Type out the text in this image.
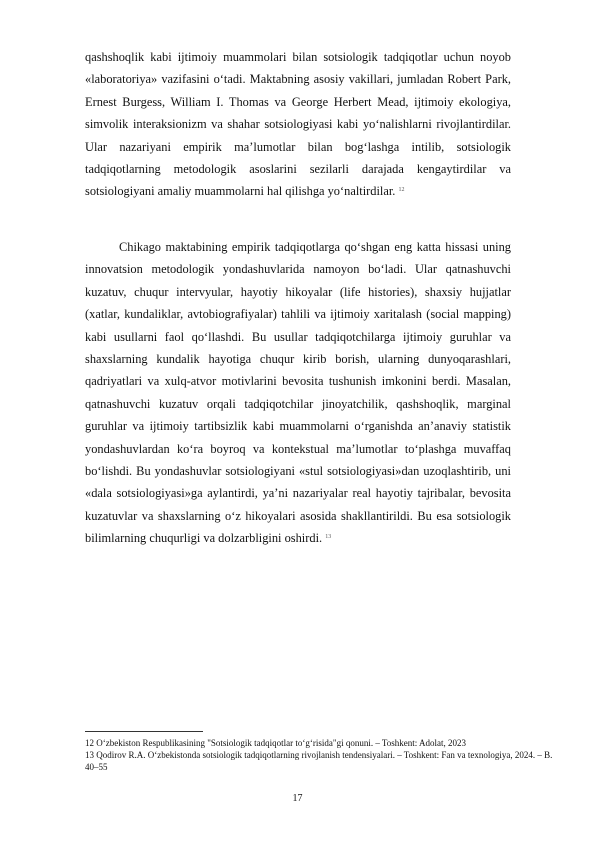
qashshoqlik kabi ijtimoiy muammolari bilan sotsiologik tadqiqotlar uchun noyob «laboratoriya» vazifasini oʻtadi. Maktabning asosiy vakillari, jumladan Robert Park, Ernest Burgess, William I. Thomas va George Herbert Mead, ijtimoiy ekologiya, simvolik interaksionizm va shahar sotsiologiyasi kabi yoʻnalishlarni rivojlantirdilar. Ular nazariyani empirik maʼlumotlar bilan bogʻlashga intilib, sotsiologik tadqiqotlarning metodologik asoslarini sezilarli darajada kengaytirdilar va sotsiologiyani amaliy muammolarni hal qilishga yoʻnaltirdilar. $^{12}$

Chikago maktabining empirik tadqiqotlarga qoʻshgan eng katta hissasi uning innovatsion metodologik yondashuvlarida namoyon boʻladi. Ular qatnashuvchi kuzatuv, chuqur intervyular, hayotiy hikoyalar (life histories), shaxsiy hujjatlar (xatlar, kundaliklar, avtobiografiyalar) tahlili va ijtimoiy xaritalash (social mapping) kabi usullarni faol qoʻllashdi. Bu usullar tadqiqotchilarga ijtimoiy guruhlar va shaxslarning kundalik hayotiga chuqur kirib borish, ularning dunyoqarashlari, qadriyatlari va xulq-atvor motivlarini bevosita tushunish imkonini berdi. Masalan, qatnashuvchi kuzatuv orqali tadqiqotchilar jinoyatchilik, qashshoqlik, marginal guruhlar va ijtimoiy tartibsizlik kabi muammolarni oʻrganishda anʼanaviy statistik yondashuvlardan koʻra boyroq va kontekstual maʼlumotlar toʻplashga muvaffaq boʻlishdi. Bu yondashuvlar sotsiologiyani «stul sotsiologiyasi»dan uzoqlashtirib, uni «dala sotsiologiyasi»ga aylantirdi, yaʼni nazariyalar real hayotiy tajribalar, bevosita kuzatuvlar va shaxslarning oʻz hikoyalari asosida shakllantirildi. Bu esa sotsiologik bilimlarning chuqurligi va dolzarbligini oshirdi. $^{13}$

12 Oʻzbekiston Respublikasining "Sotsiologik tadqiqotlar toʻgʻrisida"gi qonuni. – Toshkent: Adolat, 2023
13 Qodirov R.A. Oʻzbekistonda sotsiologik tadqiqotlarning rivojlanish tendensiyalari. – Toshkent: Fan va texnologiya, 2024. – B. 40–55
17
